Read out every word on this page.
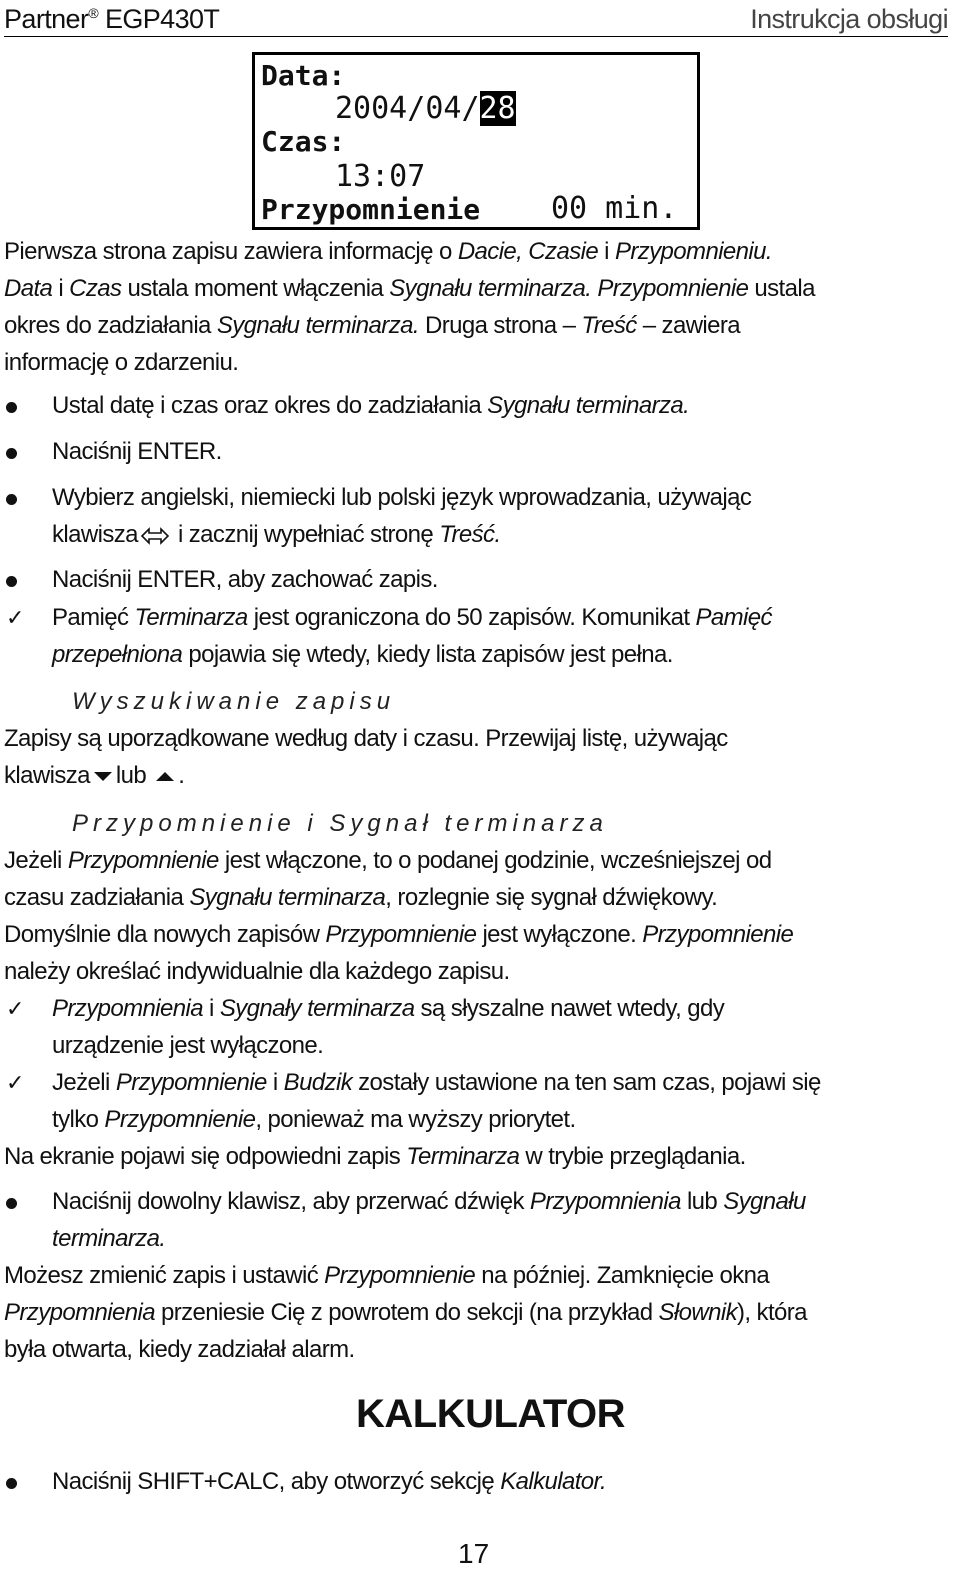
Partner® EGP430T	Instrukcja obsługi
Data:
2004/04/28
Czas:
13:07
Przypomnienie 00 min.
Pierwsza strona zapisu zawiera informację o Dacie, Czasie i Przypomnieniu.
Data i Czas ustala moment włączenia Sygnału terminarza. Przypomnienie ustala
okres do zadziałania Sygnału terminarza. Druga strona – Treść – zawiera
informację o zdarzeniu.
Ustal datę i czas oraz okres do zadziałania Sygnału terminarza.
Naciśnij ENTER.
Wybierz angielski, niemiecki lub polski język wprowadzania, używając
klawisza i zacznij wypełniać stronę Treść.
Naciśnij ENTER, aby zachować zapis.
✓ Pamięć Terminarza jest ograniczona do 50 zapisów. Komunikat Pamięć
przepełniona pojawia się wtedy, kiedy lista zapisów jest pełna.
Wyszukiwanie zapisu
Zapisy są uporządkowane według daty i czasu. Przewijaj listę, używając
klawisza lub .
Przypomnienie i Sygnał terminarza
Jeżeli Przypomnienie jest włączone, to o podanej godzinie, wcześniejszej od
czasu zadziałania Sygnału terminarza, rozlegnie się sygnał dźwiękowy.
Domyślnie dla nowych zapisów Przypomnienie jest wyłączone. Przypomnienie
należy określać indywidualnie dla każdego zapisu.
✓ Przypomnienia i Sygnały terminarza są słyszalne nawet wtedy, gdy
urządzenie jest wyłączone.
✓ Jeżeli Przypomnienie i Budzik zostały ustawione na ten sam czas, pojawi się
tylko Przypomnienie, ponieważ ma wyższy priorytet.
Na ekranie pojawi się odpowiedni zapis Terminarza w trybie przeglądania.
Naciśnij dowolny klawisz, aby przerwać dźwięk Przypomnienia lub Sygnału
terminarza.
Możesz zmienić zapis i ustawić Przypomnienie na później. Zamknięcie okna
Przypomnienia przeniesie Cię z powrotem do sekcji (na przykład Słownik), która
była otwarta, kiedy zadziałał alarm.
KALKULATOR
Naciśnij SHIFT+CALC, aby otworzyć sekcję Kalkulator.
17
